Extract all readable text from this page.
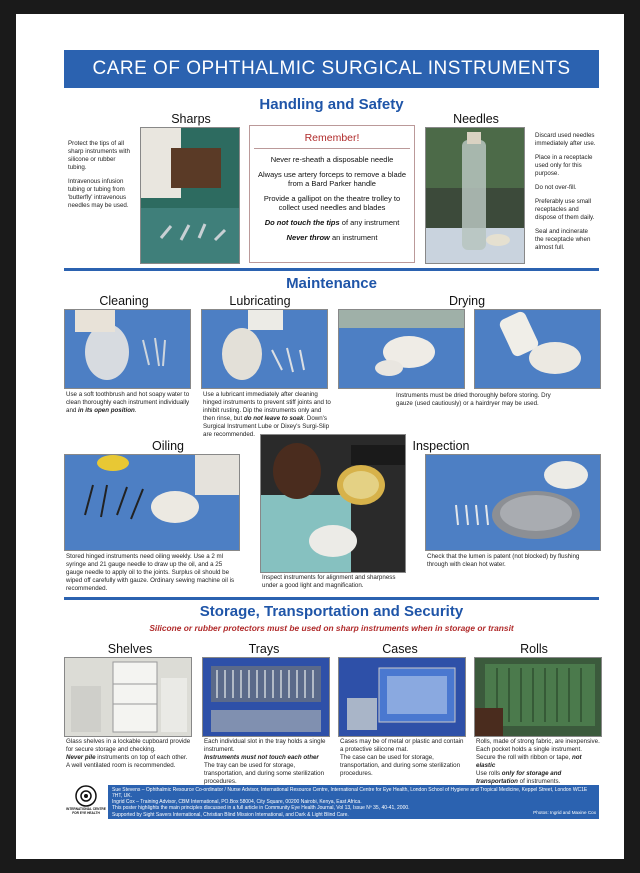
CARE OF OPHTHALMIC SURGICAL INSTRUMENTS
Handling and Safety
Sharps
Protect the tips of all sharp instruments with silicone or rubber tubing.
Intravenous infusion tubing or tubing from 'butterfly' intravenous needles may be used.
Remember!
Never re-sheath a disposable needle
Always use artery forceps to remove a blade from a Bard Parker handle
Provide a gallipot on the theatre trolley to collect used needles and blades
Do not touch the tips of any instrument
Never throw an instrument
Needles
Discard used needles immediately after use.
Place in a receptacle used only for this purpose.
Do not over-fill.
Preferably use small receptacles and dispose of them daily.
Seal and incinerate the receptacle when almost full.
Maintenance
Cleaning	Lubricating	Drying
Use a soft toothbrush and hot soapy water to clean thoroughly each instrument individually and in its open position.
Use a lubricant immediately after cleaning hinged instruments to prevent stiff joints and to inhibit rusting. Dip the instruments only and then rinse, but do not leave to soak. Down's Surgical Instrument Lube or Dixey's Surgi-Slip are recommended.
Instruments must be dried thoroughly before storing. Dry gauze (used cautiously) or a hairdryer may be used.
Oiling	Inspection
Stored hinged instruments need oiling weekly. Use a 2 ml syringe and 21 gauge needle to draw up the oil, and a 25 gauge needle to apply oil to the joints. Surplus oil should be wiped off carefully with gauze. Ordinary sewing machine oil is recommended.
Inspect instruments for alignment and sharpness under a good light and magnification.
Check that the lumen is patent (not blocked) by flushing through with clean hot water.
Storage, Transportation and Security
Silicone or rubber protectors must be used on sharp instruments when in storage or transit
Shelves	Trays	Cases	Rolls
Glass shelves in a lockable cupboard provide for secure storage and checking.
Never pile instruments on top of each other.
A well ventilated room is recommended.
Each individual slot in the tray holds a single instrument.
Instruments must not touch each other
The tray can be used for storage, transportation, and during some sterilization procedures.
Cases may be of metal or plastic and contain a protective silicone mat.
The case can be used for storage, transportation, and during some sterilization procedures.
Rolls, made of strong fabric, are inexpensive. Each pocket holds a single instrument.
Secure the roll with ribbon or tape, not elastic
Use rolls only for storage and transportation of instruments.
INTERNATIONAL CENTRE FOR EYE HEALTH
Sue Stevens – Ophthalmic Resource Co-ordinator / Nurse Advisor, International Resource Centre, International Centre for Eye Health, London School of Hygiene and Tropical Medicine, Keppel Street, London WC1E 7HT, UK.
Ingrid Cox – Training Advisor, CBM International, PO.Box 58004, City Square, 00200 Nairobi, Kenya, East Africa.
This poster highlights the main principles discussed in a full article in Community Eye Health Journal, Vol 13, Issue Nº 35, 40-41, 2000.
Supported by Sight Savers International, Christian Blind Mission International, and Dark & Light Blind Care.	Photos: Ingrid and Maxine Cox
